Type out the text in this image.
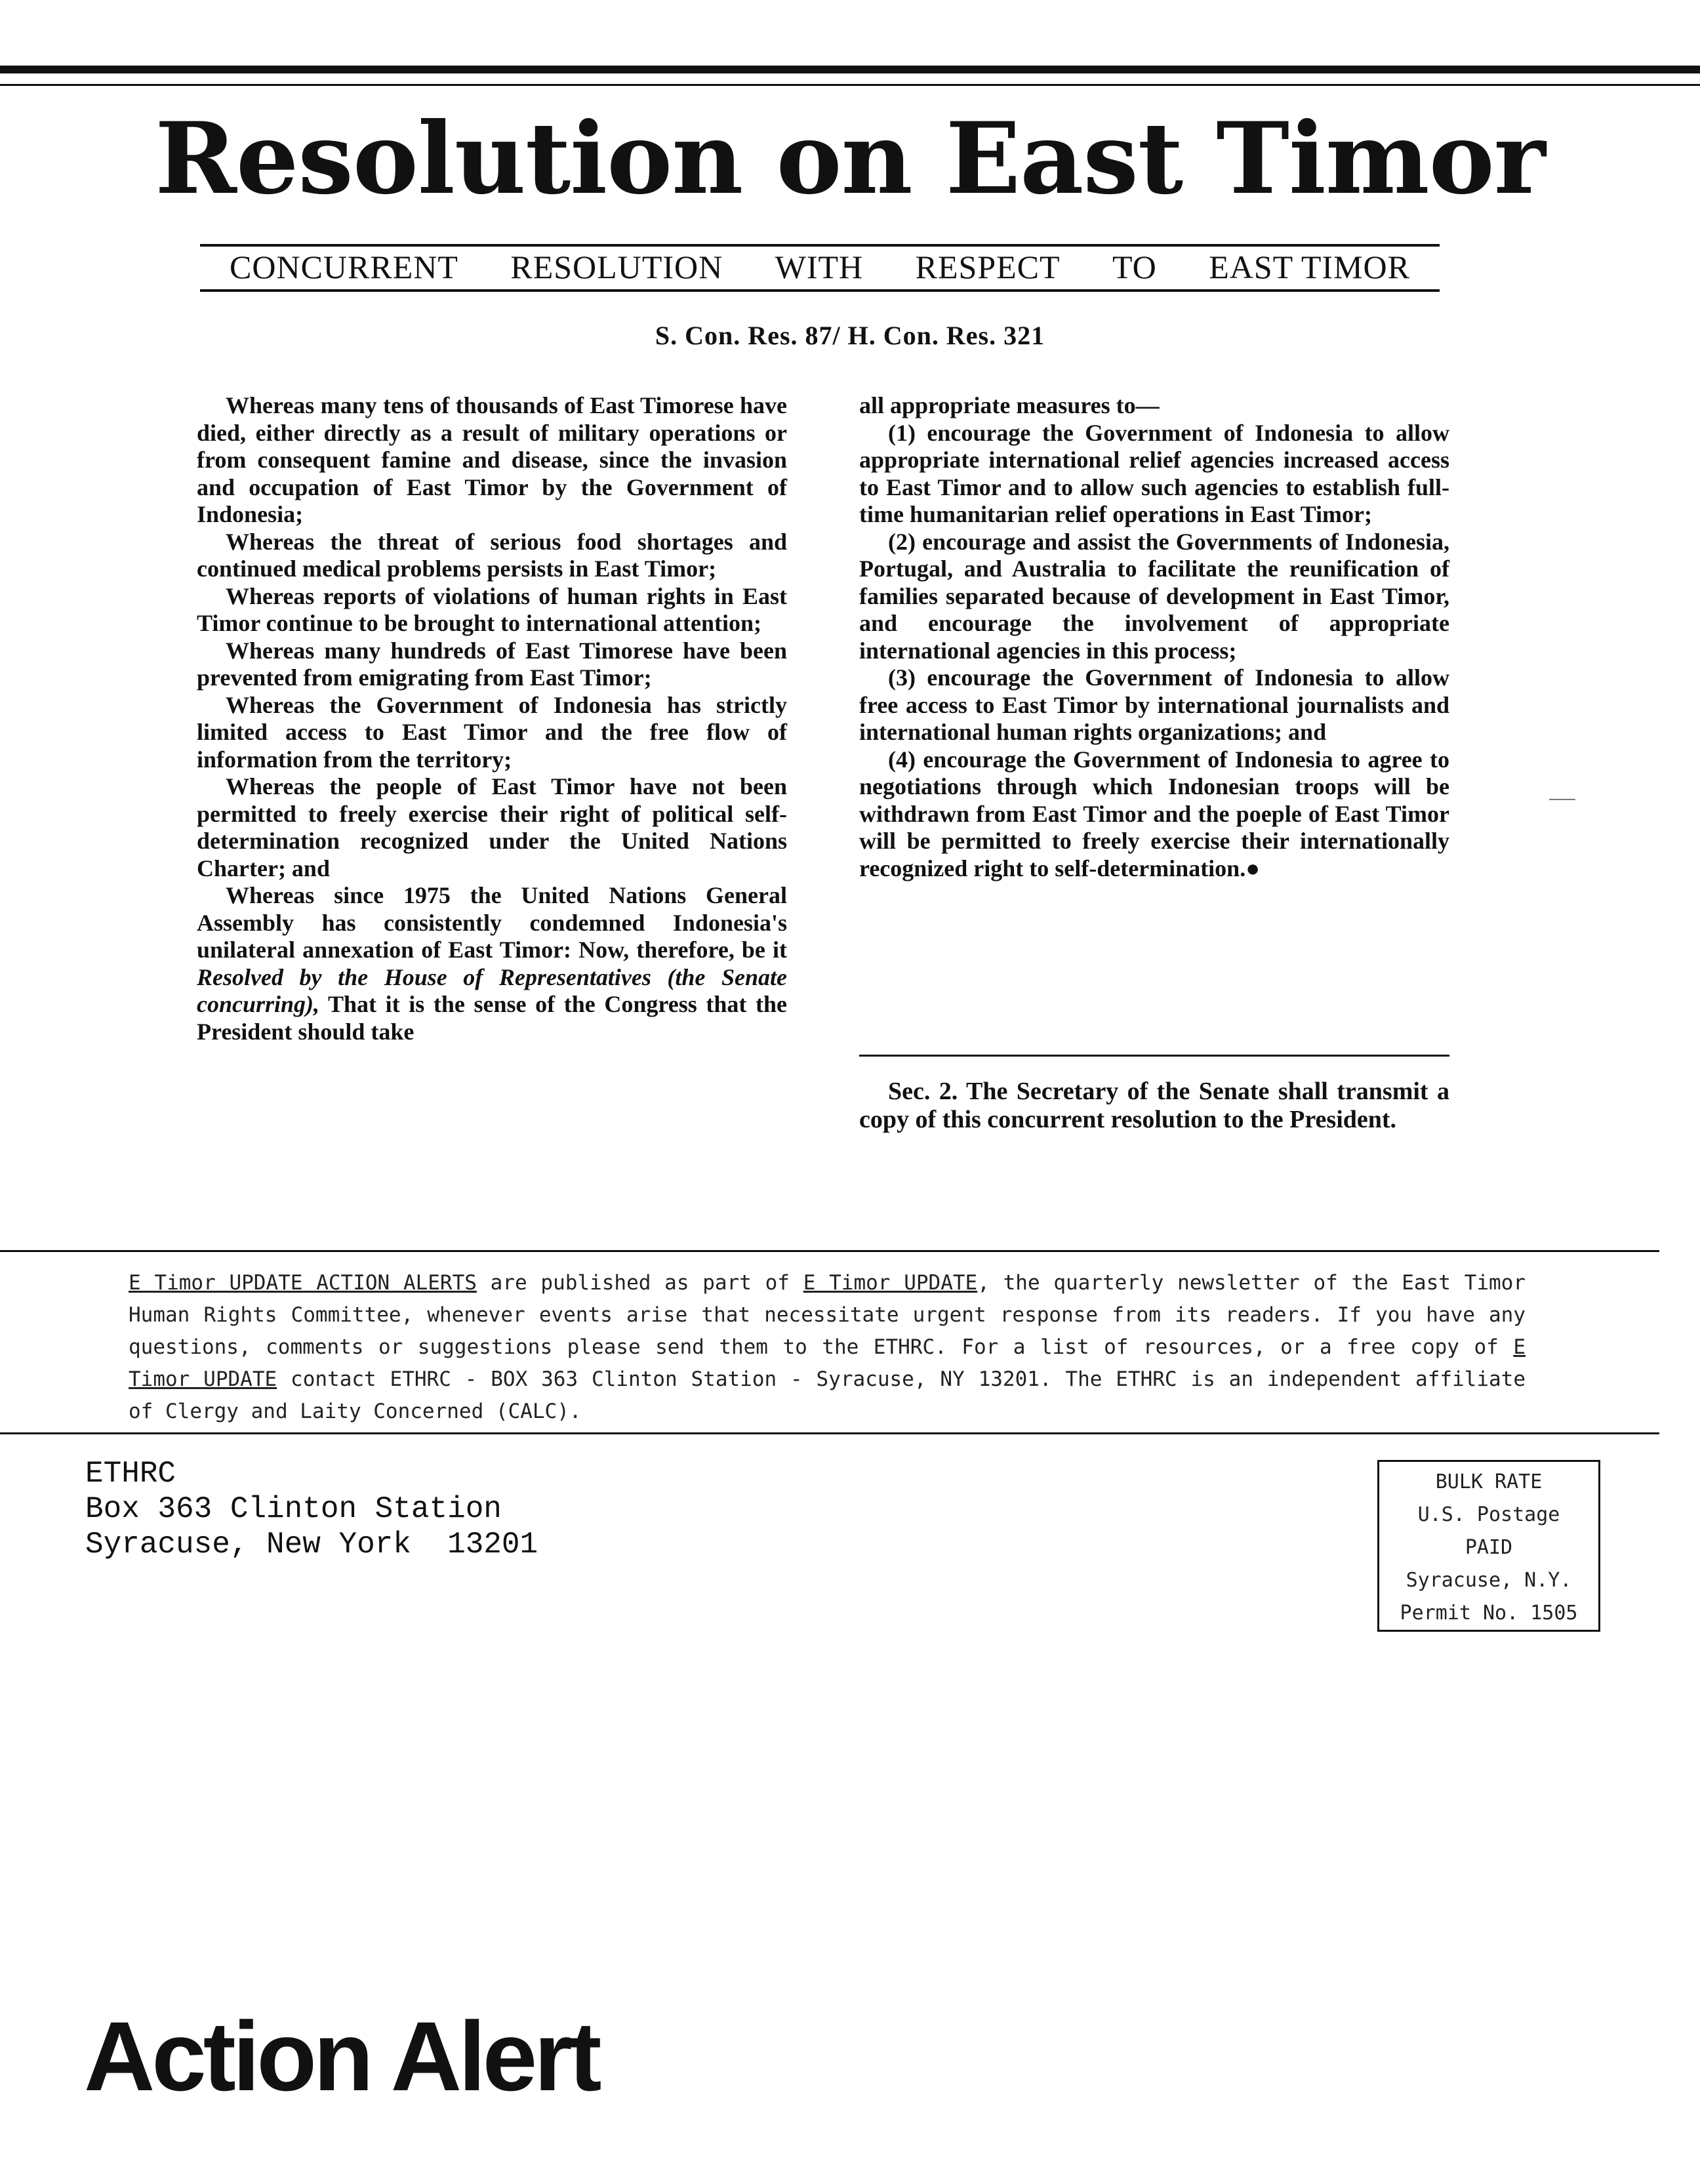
Resolution on East Timor
CONCURRENT RESOLUTION WITH RESPECT TO EAST TIMOR
S. Con. Res. 87/ H. Con. Res. 321

Whereas many tens of thousands of East Timorese have died, either directly as a result of military operations or from consequent famine and disease, since the invasion and occupation of East Timor by the Government of Indonesia;

Whereas the threat of serious food shortages and continued medical problems persists in East Timor;

Whereas reports of violations of human rights in East Timor continue to be brought to international attention;

Whereas many hundreds of East Timorese have been prevented from emigrating from East Timor;

Whereas the Government of Indonesia has strictly limited access to East Timor and the free flow of information from the territory;

Whereas the people of East Timor have not been permitted to freely exercise their right of political self-determination recognized under the United Nations Charter; and

Whereas since 1975 the United Nations General Assembly has consistently condemned Indonesia's unilateral annexation of East Timor: Now, therefore, be it Resolved by the House of Representatives (the Senate concurring), That it is the sense of the Congress that the President should take

all appropriate measures to—

(1) encourage the Government of Indonesia to allow appropriate international relief agencies increased access to East Timor and to allow such agencies to establish full-time humanitarian relief operations in East Timor;

(2) encourage and assist the Governments of Indonesia, Portugal, and Australia to facilitate the reunification of families separated because of development in East Timor, and encourage the involvement of appropriate international agencies in this process;

(3) encourage the Government of Indonesia to allow free access to East Timor by international journalists and international human rights organizations; and

(4) encourage the Government of Indonesia to agree to negotiations through which Indonesian troops will be withdrawn from East Timor and the poeple of East Timor will be permitted to freely exercise their internationally recognized right to self-determination.●

Sec. 2. The Secretary of the Senate shall transmit a copy of this concurrent resolution to the President.

E Timor UPDATE ACTION ALERTS are published as part of E Timor UPDATE, the quarterly newsletter of the East Timor Human Rights Committee, whenever events arise that necessitate urgent response from its readers. If you have any questions, comments or suggestions please send them to the ETHRC. For a list of resources, or a free copy of E Timor UPDATE contact ETHRC - BOX 363 Clinton Station - Syracuse, NY 13201. The ETHRC is an independent affiliate of Clergy and Laity Concerned (CALC).

ETHRC
Box 363 Clinton Station
Syracuse, New York  13201
BULK RATE
U.S. Postage
PAID
Syracuse, N.Y.
Permit No. 1505
Action Alert
